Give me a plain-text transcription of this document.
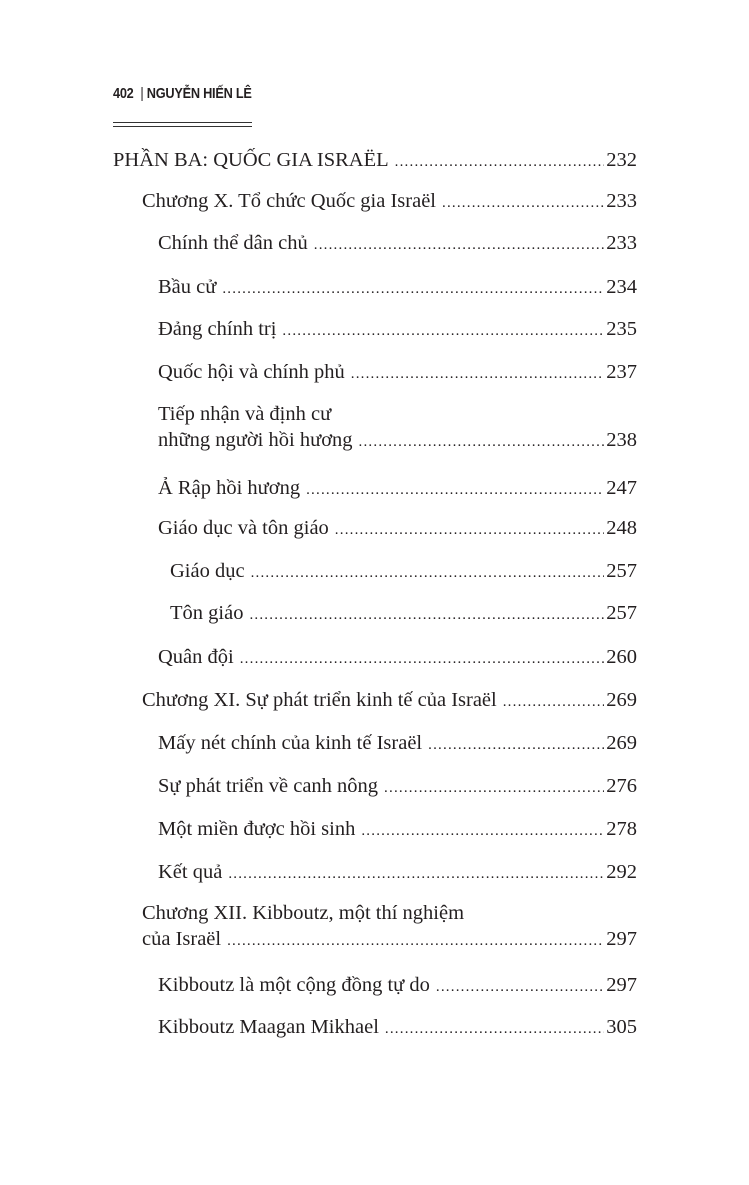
402 | NGUYỄN HIẾN LÊ
PHẦN BA: QUỐC GIA ISRAËL .....	232
Chương X. Tổ chức Quốc gia Israël .....	233
Chính thể dân chủ .....	233
Bầu cử .....	234
Đảng chính trị .....	235
Quốc hội và chính phủ .....	237
Tiếp nhận và định cư
những người hồi hương .....	238
Ả Rập hồi hương .....	247
Giáo dục và tôn giáo .....	248
Giáo dục .....	257
Tôn giáo .....	257
Quân đội .....	260
Chương XI. Sự phát triển kinh tế của Israël .....	269
Mấy nét chính của kinh tế Israël .....	269
Sự phát triển về canh nông .....	276
Một miền được hồi sinh .....	278
Kết quả .....	292
Chương XII. Kibboutz, một thí nghiệm
của Israël .....	297
Kibboutz là một cộng đồng tự do .....	297
Kibboutz Maagan Mikhael .....	305
